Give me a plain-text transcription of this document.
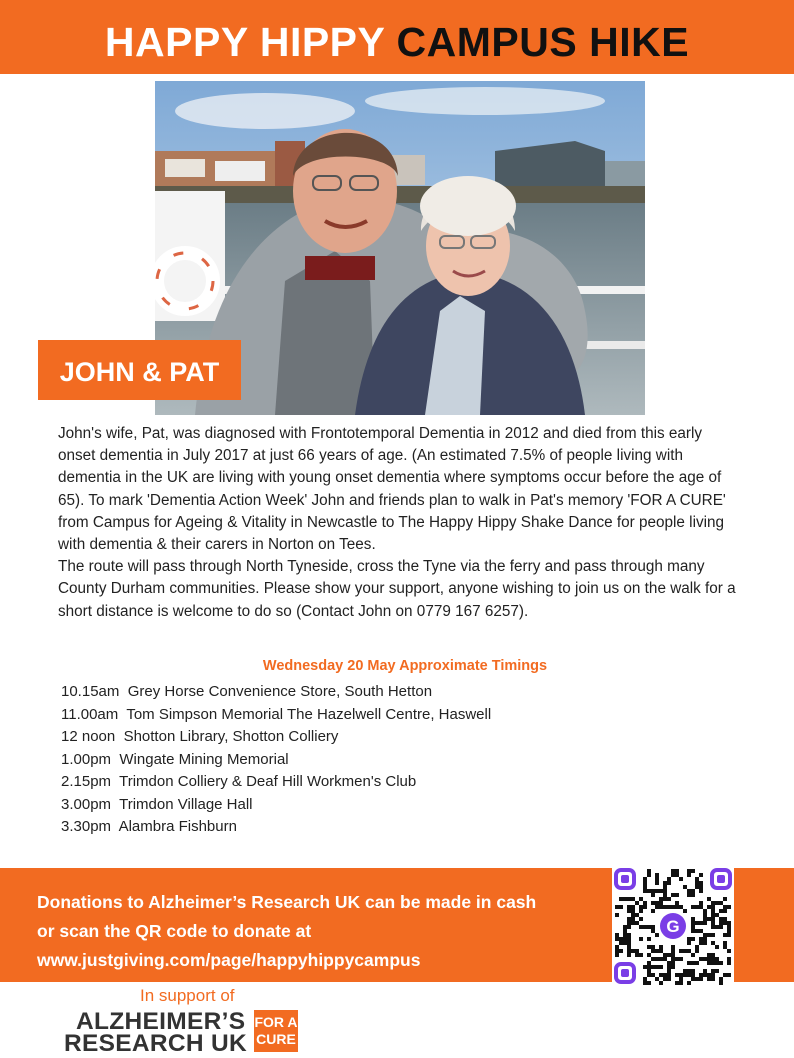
HAPPY HIPPY CAMPUS HIKE
JOHN & PAT

John's wife, Pat, was diagnosed with Frontotemporal Dementia in 2012 and died from this early onset dementia in July 2017 at just 66 years of age. (An estimated 7.5% of people living with dementia in the UK are living with young onset dementia where symptoms occur before the age of 65). To mark 'Dementia Action Week' John and friends plan to walk in Pat's memory 'FOR A CURE' from Campus for Ageing & Vitality in Newcastle to The Happy Hippy Shake Dance for people living with dementia & their carers in Norton on Tees.

The route will pass through North Tyneside, cross the Tyne via the ferry and pass through many County Durham communities. Please show your support, anyone wishing to join us on the walk for a short distance is welcome to do so (Contact John on 0779 167 6257).

Wednesday 20 May Approximate Timings
10.15am Grey Horse Convenience Store, South Hetton
11.00am Tom Simpson Memorial The Hazelwell Centre, Haswell
12 noon Shotton Library, Shotton Colliery
1.00pm Wingate Mining Memorial
2.15pm Trimdon Colliery & Deaf Hill Workmen's Club
3.00pm Trimdon Village Hall
3.30pm Alambra Fishburn
Donations to Alzheimer’s Research UK can be made in cash
or scan the QR code to donate at
www.justgiving.com/page/happyhippycampus
G
In support of
ALZHEIMER’S
RESEARCH UK
FOR A
CURE
